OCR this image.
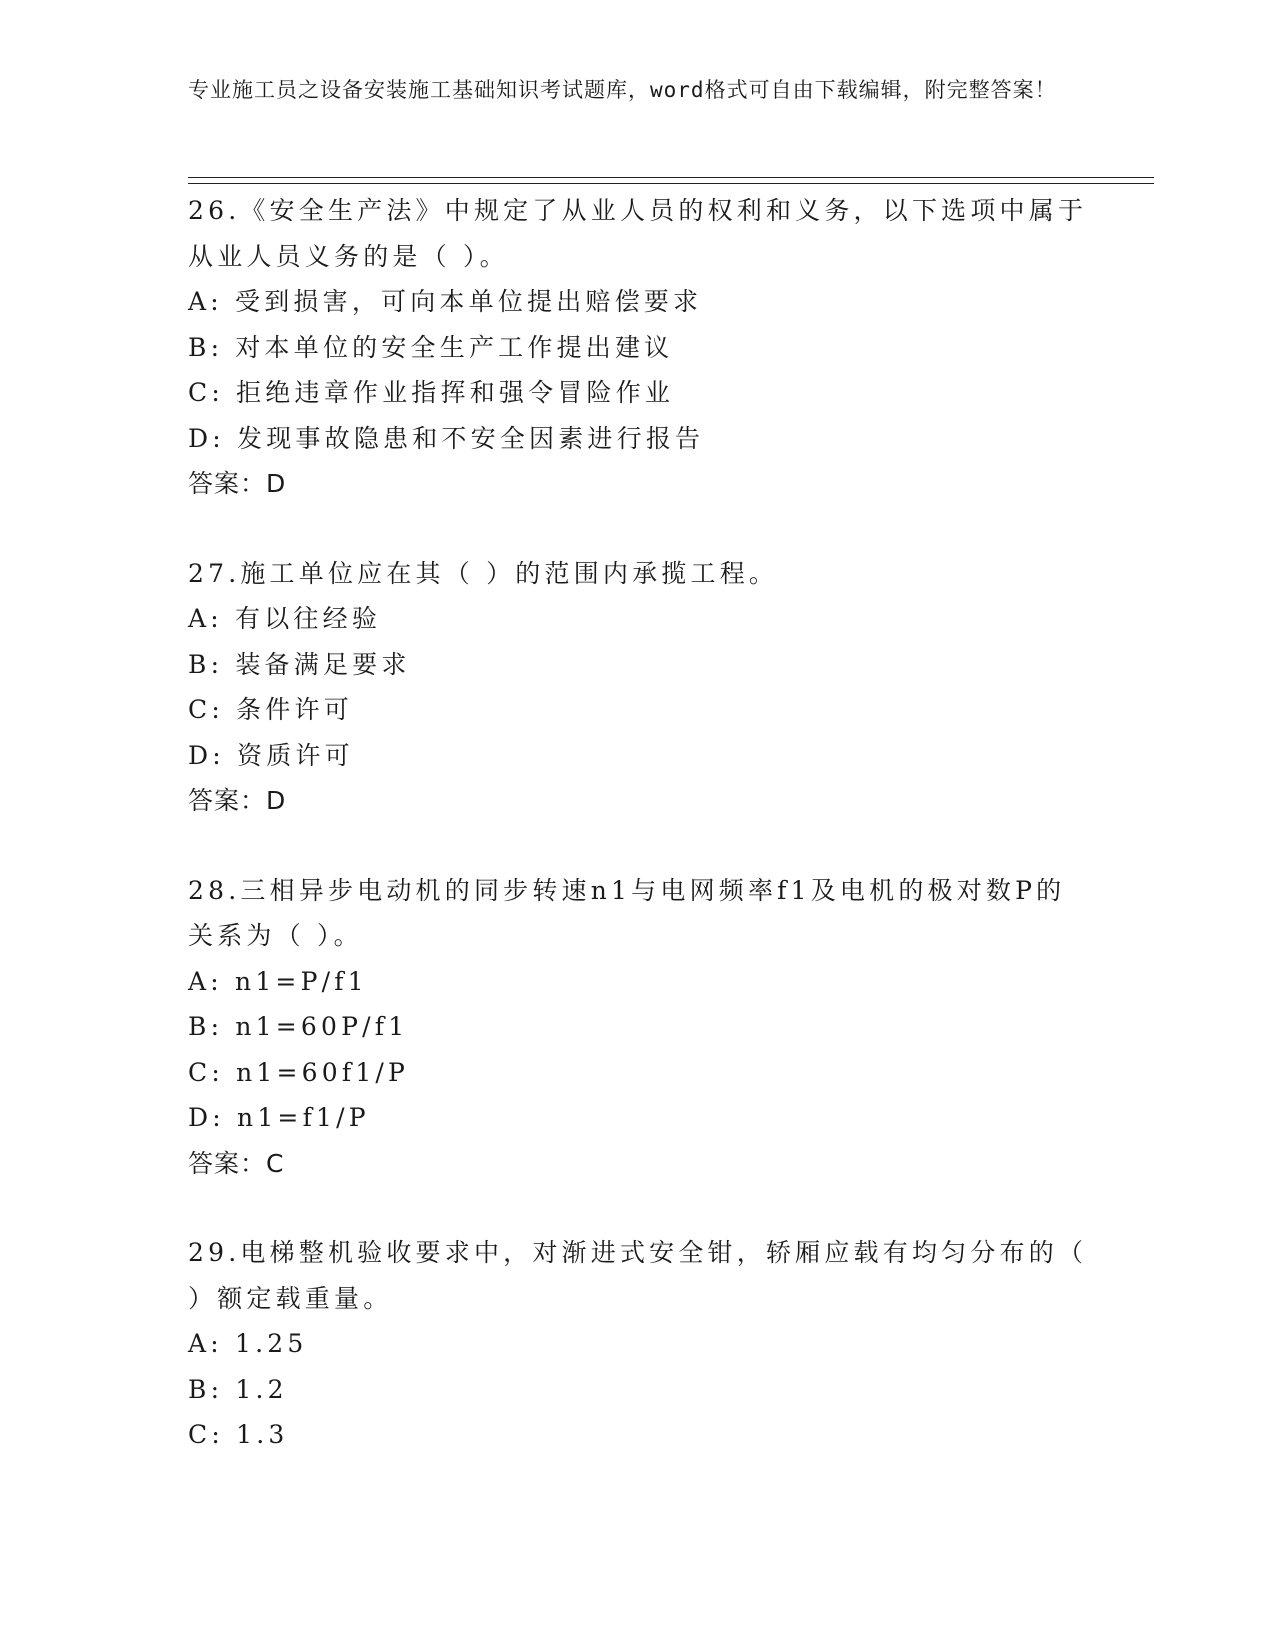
专业施工员之设备安装施工基础知识考试题库，word格式可自由下载编辑，附完整答案！

26.《安全生产法》中规定了从业人员的权利和义务，以下选项中属于

从业人员义务的是（ ）。

A: 受到损害，可向本单位提出赔偿要求

B: 对本单位的安全生产工作提出建议

C: 拒绝违章作业指挥和强令冒险作业

D: 发现事故隐患和不安全因素进行报告

答案：D

27.施工单位应在其（ ）的范围内承揽工程。

A: 有以往经验

B: 装备满足要求

C: 条件许可

D: 资质许可

答案：D

28.三相异步电动机的同步转速n1与电网频率f1及电机的极对数P的

关系为（ ）。

A: n1=P/f1

B: n1=60P/f1

C: n1=60f1/P

D: n1=f1/P

答案：C

29.电梯整机验收要求中，对渐进式安全钳，轿厢应载有均匀分布的（

）额定载重量。

A: 1.25

B: 1.2

C: 1.3
